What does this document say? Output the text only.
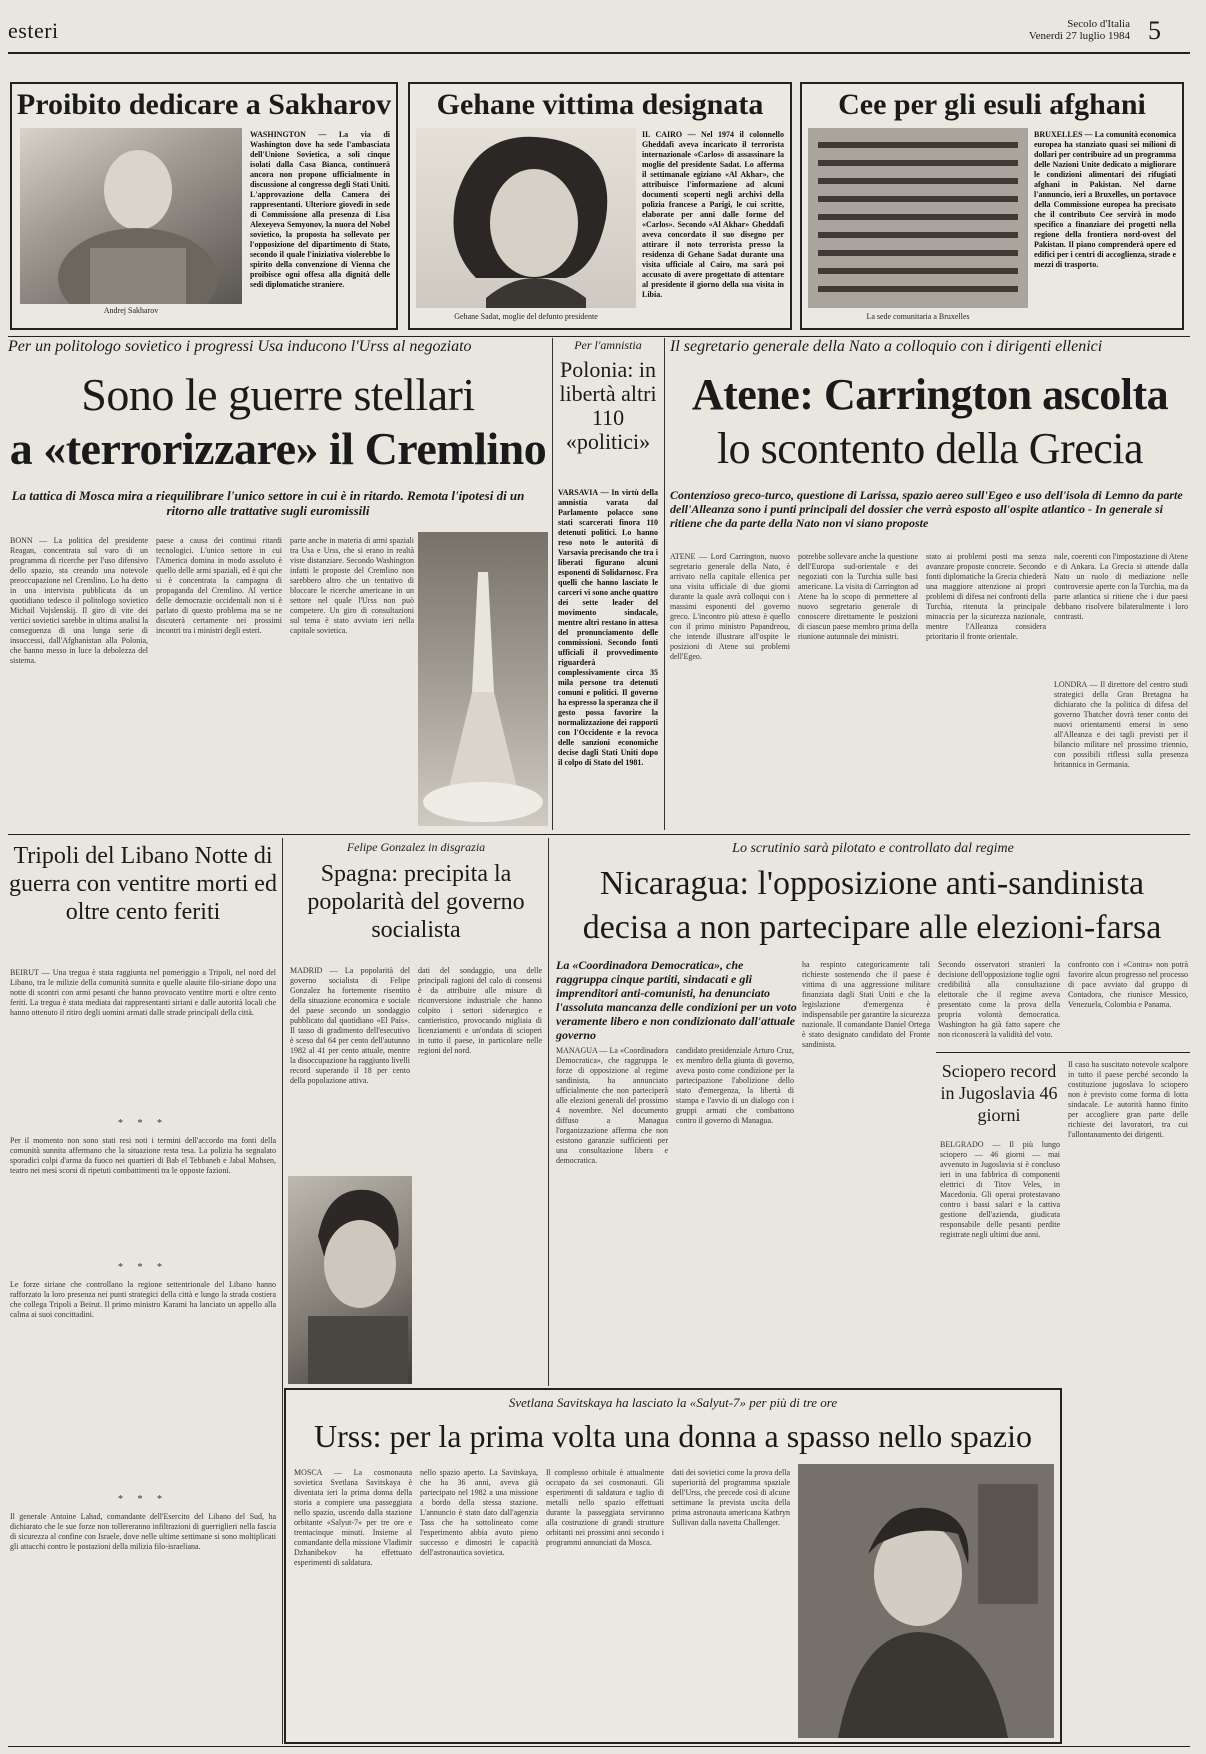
esteri	Secolo d'Italia
Venerdì 27 luglio 1984 5
Proibito dedicare a Sakharov
Andrej Sakharov
WASHINGTON — La via di Washington dove ha sede l'ambasciata dell'Unione Sovietica, a soli cinque isolati dalla Casa Bianca, continuerà ancora non propone ufficialmente in discussione al congresso degli Stati Uniti. L'approvazione della Camera dei rappresentanti. Ulteriore giovedì in sede di Commissione alla presenza di Lisa Alexeyeva Semyonov, la nuora del Nobel sovietico, la proposta ha sollevato per l'opposizione del dipartimento di Stato, secondo il quale l'iniziativa violerebbe lo spirito della convenzione di Vienna che proibisce ogni offesa alla dignità delle sedi diplomatiche straniere.
Gehane vittima designata
Gehane Sadat, moglie del defunto presidente
IL CAIRO — Nel 1974 il colonnello Gheddafi aveva incaricato il terrorista internazionale «Carlos» di assassinare la moglie del presidente Sadat. Lo afferma il settimanale egiziano «Al Akhar», che attribuisce l'informazione ad alcuni documenti scoperti negli archivi della polizia francese a Parigi, le cui scritte, elaborate per anni dalle forme del «Carlos». Secondo «Al Akhar» Gheddafi aveva concordato il suo disegno per attirare il noto terrorista presso la residenza di Gehane Sadat durante una visita ufficiale al Cairo, ma sarà poi accusato di avere progettato di attentare al presidente il giorno della sua visita in Libia.
Cee per gli esuli afghani
La sede comunitaria a Bruxelles
BRUXELLES — La comunità economica europea ha stanziato quasi sei milioni di dollari per contribuire ad un programma delle Nazioni Unite dedicato a migliorare le condizioni alimentari dei rifugiati afghani in Pakistan. Nel darne l'annuncio, ieri a Bruxelles, un portavoce della Commissione europea ha precisato che il contributo Cee servirà in modo specifico a finanziare dei progetti nella regione della frontiera nord-ovest del Pakistan. Il piano comprenderà opere ed edifici per i centri di accoglienza, strade e mezzi di trasporto.
Per un politologo sovietico i progressi Usa inducono l'Urss al negoziato
Sono le guerre stellari
a «terrorizzare» il Cremlino
La tattica di Mosca mira a riequilibrare l'unico settore in cui è in ritardo. Remota l'ipotesi di un ritorno alle trattative sugli euromissili
BONN — La politica del presidente Reagan, concentrata sul varo di un programma di ricerche per l'uso difensivo dello spazio, sta creando una notevole preoccupazione nel Cremlino. Lo ha detto in una intervista pubblicata da un quotidiano tedesco il politologo sovietico Michail Vojslenskij. Il giro di vite dei vertici sovietici sarebbe in ultima analisi la conseguenza di una lunga serie di insuccessi, dall'Afghanistan alla Polonia, che hanno messo in luce la debolezza del sistema.
paese a causa dei continui ritardi tecnologici. L'unico settore in cui l'America domina in modo assoluto è quello delle armi spaziali, ed è qui che si è concentrata la campagna di propaganda del Cremlino. Al vertice delle democrazie occidentali non si è parlato di questo problema ma se ne discuterà certamente nei prossimi incontri tra i ministri degli esteri.
parte anche in materia di armi spaziali tra Usa e Urss, che si erano in realtà viste distanziare. Secondo Washington infatti le proposte del Cremlino non sarebbero altro che un tentativo di bloccare le ricerche americane in un settore nel quale l'Urss non può competere. Un giro di consultazioni sul tema è stato avviato ieri nella capitale sovietica.
Per l'amnistia
Polonia: in libertà altri 110 «politici»
VARSAVIA — In virtù della amnistia varata dal Parlamento polacco sono stati scarcerati finora 110 detenuti politici. Lo hanno reso noto le autorità di Varsavia precisando che tra i liberati figurano alcuni esponenti di Solidarnosc. Fra quelli che hanno lasciato le carceri vi sono anche quattro dei sette leader del movimento sindacale, mentre altri restano in attesa del pronunciamento delle commissioni. Secondo fonti ufficiali il provvedimento riguarderà complessivamente circa 35 mila persone tra detenuti comuni e politici. Il governo ha espresso la speranza che il gesto possa favorire la normalizzazione dei rapporti con l'Occidente e la revoca delle sanzioni economiche decise dagli Stati Uniti dopo il colpo di Stato del 1981.
Il segretario generale della Nato a colloquio con i dirigenti ellenici
Atene: Carrington ascolta
lo scontento della Grecia
Contenzioso greco-turco, questione di Larissa, spazio aereo sull'Egeo e uso dell'isola di Lemno da parte dell'Alleanza sono i punti principali del dossier che verrà esposto all'ospite atlantico - In generale si ritiene che da parte della Nato non vi siano proposte
ATENE — Lord Carrington, nuovo segretario generale della Nato, è arrivato nella capitale ellenica per una visita ufficiale di due giorni durante la quale avrà colloqui con i massimi esponenti del governo greco. L'incontro più atteso è quello con il primo ministro Papandreou, che intende illustrare all'ospite le posizioni di Atene sui problemi dell'Egeo.
potrebbe sollevare anche la questione dell'Europa sud-orientale e dei negoziati con la Turchia sulle basi americane. La visita di Carrington ad Atene ha lo scopo di permettere al nuovo segretario generale di conoscere direttamente le posizioni di ciascun paese membro prima della riunione autunnale dei ministri.
stato ai problemi posti ma senza avanzare proposte concrete. Secondo fonti diplomatiche la Grecia chiederà una maggiore attenzione ai propri problemi di difesa nei confronti della Turchia, ritenuta la principale minaccia per la sicurezza nazionale, mentre l'Alleanza considera prioritario il fronte orientale.
nale, coerenti con l'impostazione di Atene e di Ankara. La Grecia si attende dalla Nato un ruolo di mediazione nelle controversie aperte con la Turchia, ma da parte atlantica si ritiene che i due paesi debbano risolvere bilateralmente i loro contrasti.
LONDRA — Il direttore del centro studi strategici della Gran Bretagna ha dichiarato che la politica di difesa del governo Thatcher dovrà tener conto dei nuovi orientamenti emersi in seno all'Alleanza e dei tagli previsti per il bilancio militare nel prossimo triennio, con possibili riflessi sulla presenza britannica in Germania.
Tripoli del Libano Notte di guerra con ventitre morti ed oltre cento feriti
BEIRUT — Una tregua è stata raggiunta nel pomeriggio a Tripoli, nel nord del Libano, tra le milizie della comunità sunnita e quelle alauite filo-siriane dopo una notte di scontri con armi pesanti che hanno provocato ventitre morti e oltre cento feriti. La tregua è stata mediata dai rappresentanti siriani e dalle autorità locali che hanno ottenuto il ritiro degli uomini armati dalle strade principali della città.
* * *
Per il momento non sono stati resi noti i termini dell'accordo ma fonti della comunità sunnita affermano che la situazione resta tesa. La polizia ha segnalato sporadici colpi d'arma da fuoco nei quartieri di Bab el Tebbaneh e Jabal Mohsen, teatro nei mesi scorsi di ripetuti combattimenti tra le opposte fazioni.
* * *
Le forze siriane che controllano la regione settentrionale del Libano hanno rafforzato la loro presenza nei punti strategici della città e lungo la strada costiera che collega Tripoli a Beirut. Il primo ministro Karami ha lanciato un appello alla calma ai suoi concittadini.
* * *
Il generale Antoine Lahad, comandante dell'Esercito del Libano del Sud, ha dichiarato che le sue forze non tollereranno infiltrazioni di guerriglieri nella fascia di sicurezza al confine con Israele, dove nelle ultime settimane si sono moltiplicati gli attacchi contro le postazioni della milizia filo-israeliana.
Felipe Gonzalez in disgrazia
Spagna: precipita la popolarità del governo socialista
MADRID — La popolarità del governo socialista di Felipe Gonzalez ha fortemente risentito della situazione economica e sociale del paese secondo un sondaggio pubblicato dal quotidiano «El País». Il tasso di gradimento dell'esecutivo è sceso dal 64 per cento dell'autunno 1982 al 41 per cento attuale, mentre la disoccupazione ha raggiunto livelli record superando il 18 per cento della popolazione attiva.
dati del sondaggio, una delle principali ragioni del calo di consensi è da attribuire alle misure di riconversione industriale che hanno colpito i settori siderurgico e cantieristico, provocando migliaia di licenziamenti e un'ondata di scioperi in tutto il paese, in particolare nelle regioni del nord.
Lo scrutinio sarà pilotato e controllato dal regime
Nicaragua: l'opposizione anti-sandinista
decisa a non partecipare alle elezioni-farsa
La «Coordinadora Democratica», che raggruppa cinque partiti, sindacati e gli imprenditori anti-comunisti, ha denunciato l'assoluta mancanza delle condizioni per un voto veramente libero e non condizionato dall'attuale governo
MANAGUA — La «Coordinadora Democratica», che raggruppa le forze di opposizione al regime sandinista, ha annunciato ufficialmente che non parteciperà alle elezioni generali del prossimo 4 novembre. Nel documento diffuso a Managua l'organizzazione afferma che non esistono garanzie sufficienti per una consultazione libera e democratica.
candidato presidenziale Arturo Cruz, ex membro della giunta di governo, aveva posto come condizione per la partecipazione l'abolizione dello stato d'emergenza, la libertà di stampa e l'avvio di un dialogo con i gruppi armati che combattono contro il governo di Managua.
ha respinto categoricamente tali richieste sostenendo che il paese è vittima di una aggressione militare finanziata dagli Stati Uniti e che la legislazione d'emergenza è indispensabile per garantire la sicurezza nazionale. Il comandante Daniel Ortega è stato designato candidato del Fronte sandinista.
Secondo osservatori stranieri la decisione dell'opposizione toglie ogni credibilità alla consultazione elettorale che il regime aveva presentato come la prova della propria volontà democratica. Washington ha già fatto sapere che non riconoscerà la validità del voto.
confronto con i «Contra» non potrà favorire alcun progresso nel processo di pace avviato dal gruppo di Contadora, che riunisce Messico, Venezuela, Colombia e Panama.
Sciopero record in Jugoslavia 46 giorni
BELGRADO — Il più lungo sciopero — 46 giorni — mai avvenuto in Jugoslavia si è concluso ieri in una fabbrica di componenti elettrici di Titov Veles, in Macedonia. Gli operai protestavano contro i bassi salari e la cattiva gestione dell'azienda, giudicata responsabile delle pesanti perdite registrate negli ultimi due anni.
Il caso ha suscitato notevole scalpore in tutto il paese perché secondo la costituzione jugoslava lo sciopero non è previsto come forma di lotta sindacale. Le autorità hanno finito per accogliere gran parte delle richieste dei lavoratori, tra cui l'allontanamento dei dirigenti.
Svetlana Savitskaya ha lasciato la «Salyut-7» per più di tre ore
Urss: per la prima volta una donna a spasso nello spazio
MOSCA — La cosmonauta sovietica Svetlana Savitskaya è diventata ieri la prima donna della storia a compiere una passeggiata nello spazio, uscendo dalla stazione orbitante «Salyut-7» per tre ore e trentacinque minuti. Insieme al comandante della missione Vladimir Dzhanibekov ha effettuato esperimenti di saldatura.
nello spazio aperto. La Savitskaya, che ha 36 anni, aveva già partecipato nel 1982 a una missione a bordo della stessa stazione. L'annuncio è stato dato dall'agenzia Tass che ha sottolineato come l'esperimento abbia avuto pieno successo e dimostri le capacità dell'astronautica sovietica.
Il complesso orbitale è attualmente occupato da sei cosmonauti. Gli esperimenti di saldatura e taglio di metalli nello spazio effettuati durante la passeggiata serviranno alla costruzione di grandi strutture orbitanti nei prossimi anni secondo i programmi annunciati da Mosca.
dati dei sovietici come la prova della superiorità del programma spaziale dell'Urss, che precede così di alcune settimane la prevista uscita della prima astronauta americana Kathryn Sullivan dalla navetta Challenger.
